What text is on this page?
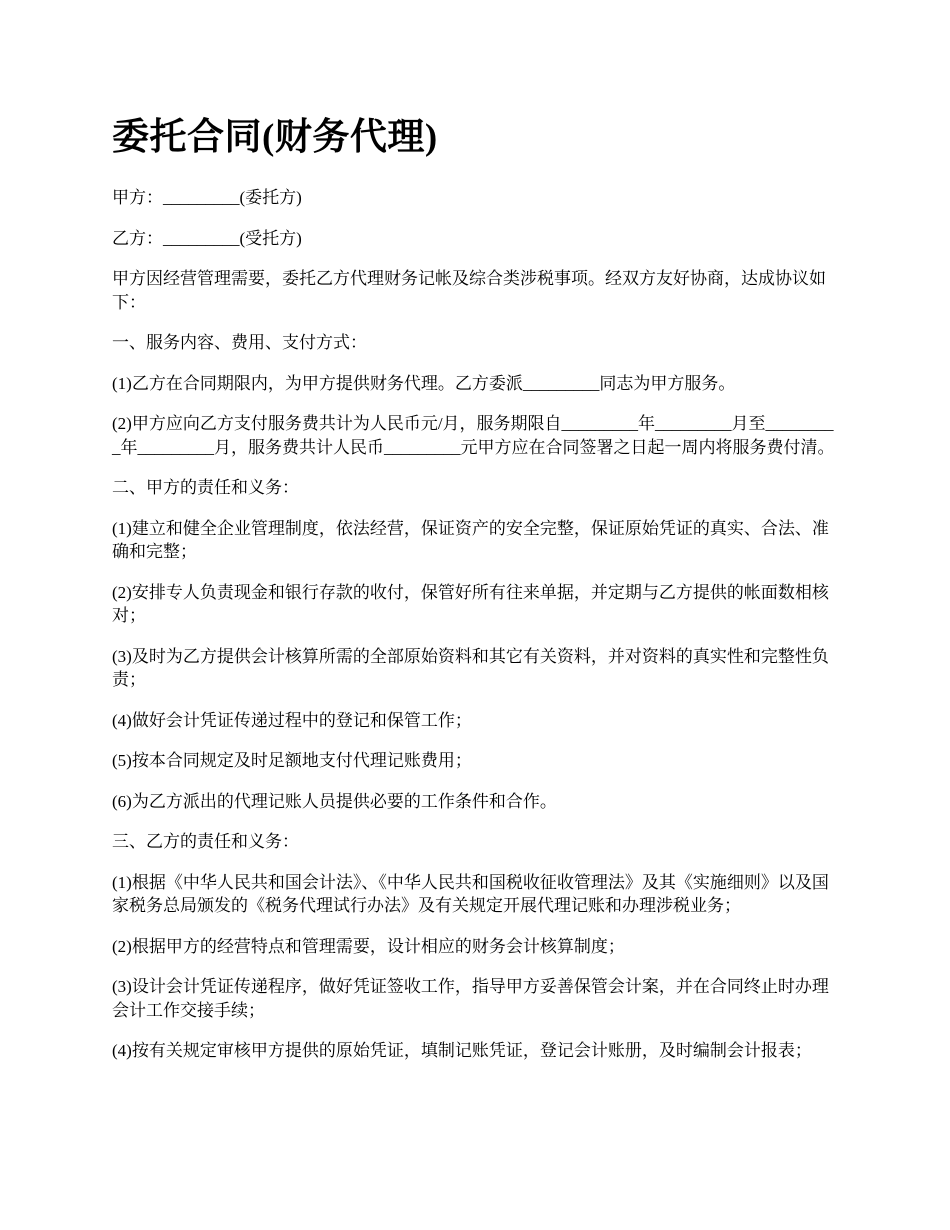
委托合同(财务代理)

甲方：_________(委托方)

乙方：_________(受托方)

甲方因经营管理需要，委托乙方代理财务记帐及综合类涉税事项。经双方友好协商，达成协议如下：

一、服务内容、费用、支付方式：

(1)乙方在合同期限内，为甲方提供财务代理。乙方委派_________同志为甲方服务。

(2)甲方应向乙方支付服务费共计为人民币元/月，服务期限自_________年_________月至_________年_________月，服务费共计人民币_________元甲方应在合同签署之日起一周内将服务费付清。

二、甲方的责任和义务：

(1)建立和健全企业管理制度，依法经营，保证资产的安全完整，保证原始凭证的真实、合法、准确和完整；

(2)安排专人负责现金和银行存款的收付，保管好所有往来单据，并定期与乙方提供的帐面数相核对；

(3)及时为乙方提供会计核算所需的全部原始资料和其它有关资料，并对资料的真实性和完整性负责；

(4)做好会计凭证传递过程中的登记和保管工作；

(5)按本合同规定及时足额地支付代理记账费用；

(6)为乙方派出的代理记账人员提供必要的工作条件和合作。

三、乙方的责任和义务：

(1)根据《中华人民共和国会计法》、《中华人民共和国税收征收管理法》及其《实施细则》以及国家税务总局颁发的《税务代理试行办法》及有关规定开展代理记账和办理涉税业务；

(2)根据甲方的经营特点和管理需要，设计相应的财务会计核算制度；

(3)设计会计凭证传递程序，做好凭证签收工作，指导甲方妥善保管会计案，并在合同终止时办理会计工作交接手续；

(4)按有关规定审核甲方提供的原始凭证，填制记账凭证，登记会计账册，及时编制会计报表；
